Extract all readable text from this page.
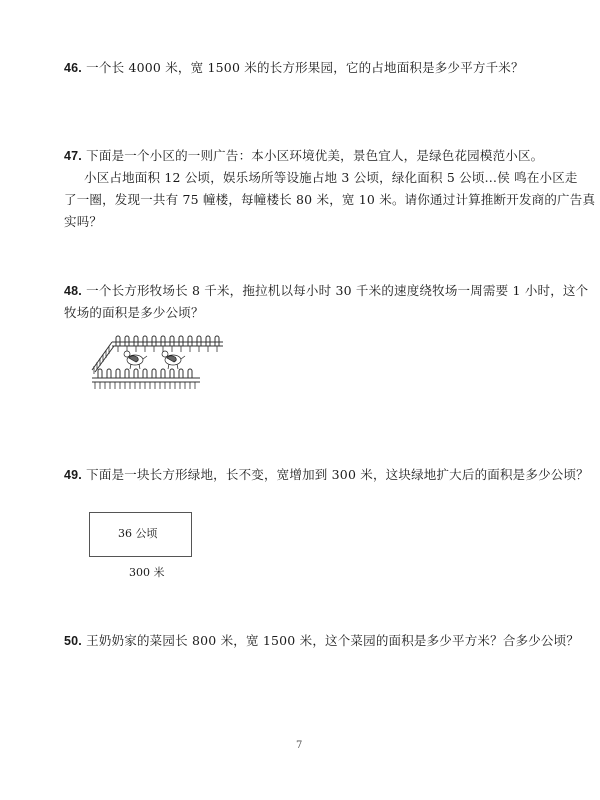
46. 一个长 4000 米，宽 1500 米的长方形果园，它的占地面积是多少平方千米？
47. 下面是一个小区的一则广告：本小区环境优美，景色宜人，是绿色花园模范小区。
小区占地面积 12 公顷，娱乐场所等设施占地 3 公顷，绿化面积 5 公顷…侯 鸣在小区走
了一圈，发现一共有 75 幢楼，每幢楼长 80 米，宽 10 米。请你通过计算推断开发商的广告真
实吗？
48. 一个长方形牧场长 8 千米，拖拉机以每小时 30 千米的速度绕牧场一周需要 1 小时，这个
牧场的面积是多少公顷？
49. 下面是一块长方形绿地，长不变，宽增加到 300 米，这块绿地扩大后的面积是多少公顷？
36 公顷
300 米
50. 王奶奶家的菜园长 800 米，宽 1500 米，这个菜园的面积是多少平方米？合多少公顷？
7
